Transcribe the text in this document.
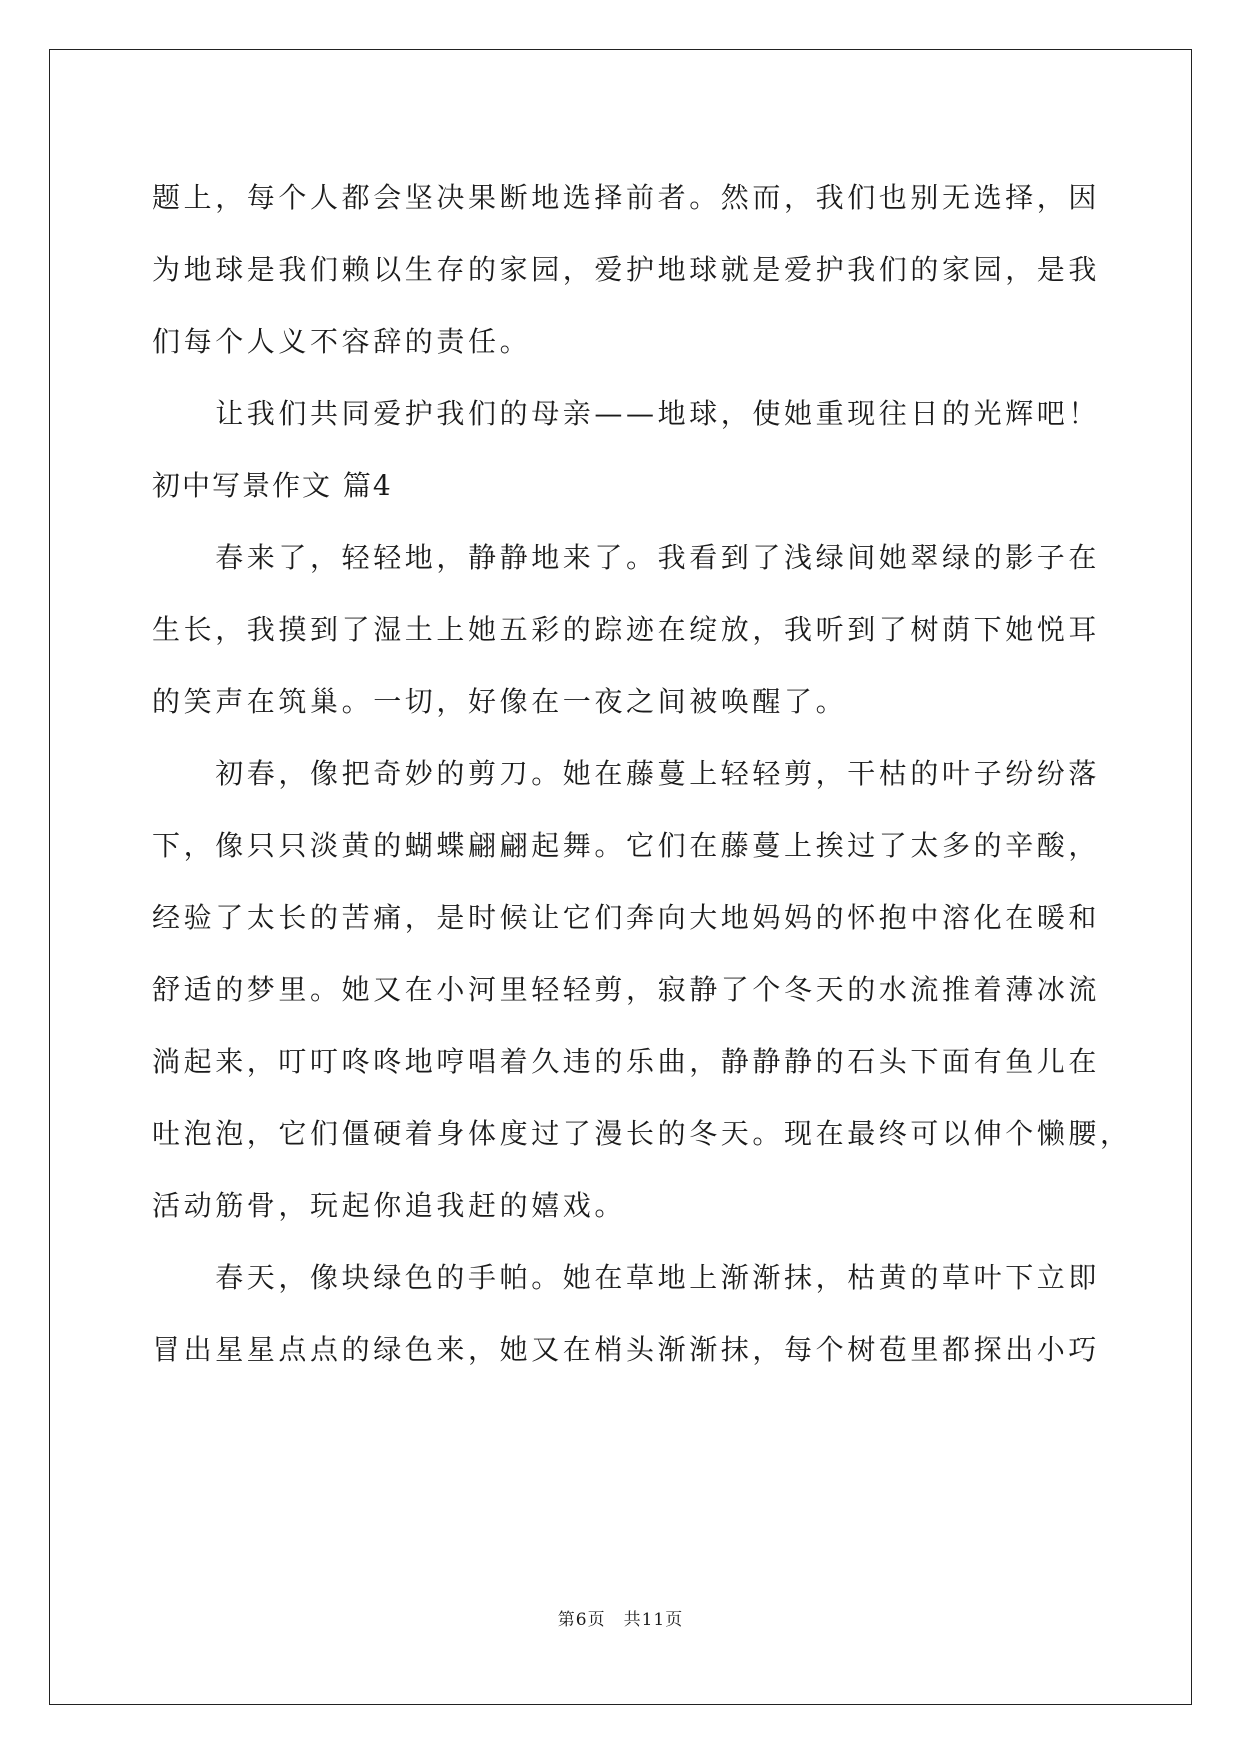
题上，每个人都会坚决果断地选择前者。然而，我们也别无选择，因
为地球是我们赖以生存的家园，爱护地球就是爱护我们的家园，是我
们每个人义不容辞的责任。
　　让我们共同爱护我们的母亲——地球，使她重现往日的光辉吧！
初中写景作文 篇4
　　春来了，轻轻地，静静地来了。我看到了浅绿间她翠绿的影子在
生长，我摸到了湿土上她五彩的踪迹在绽放，我听到了树荫下她悦耳
的笑声在筑巢。一切，好像在一夜之间被唤醒了。
　　初春，像把奇妙的剪刀。她在藤蔓上轻轻剪，干枯的叶子纷纷落
下，像只只淡黄的蝴蝶翩翩起舞。它们在藤蔓上挨过了太多的辛酸，
经验了太长的苦痛，是时候让它们奔向大地妈妈的怀抱中溶化在暖和
舒适的梦里。她又在小河里轻轻剪，寂静了个冬天的水流推着薄冰流
淌起来，叮叮咚咚地哼唱着久违的乐曲，静静静的石头下面有鱼儿在
吐泡泡，它们僵硬着身体度过了漫长的冬天。现在最终可以伸个懒腰，
活动筋骨，玩起你追我赶的嬉戏。
　　春天，像块绿色的手帕。她在草地上渐渐抹，枯黄的草叶下立即
冒出星星点点的绿色来，她又在梢头渐渐抹，每个树苞里都探出小巧
第6页　共11页
